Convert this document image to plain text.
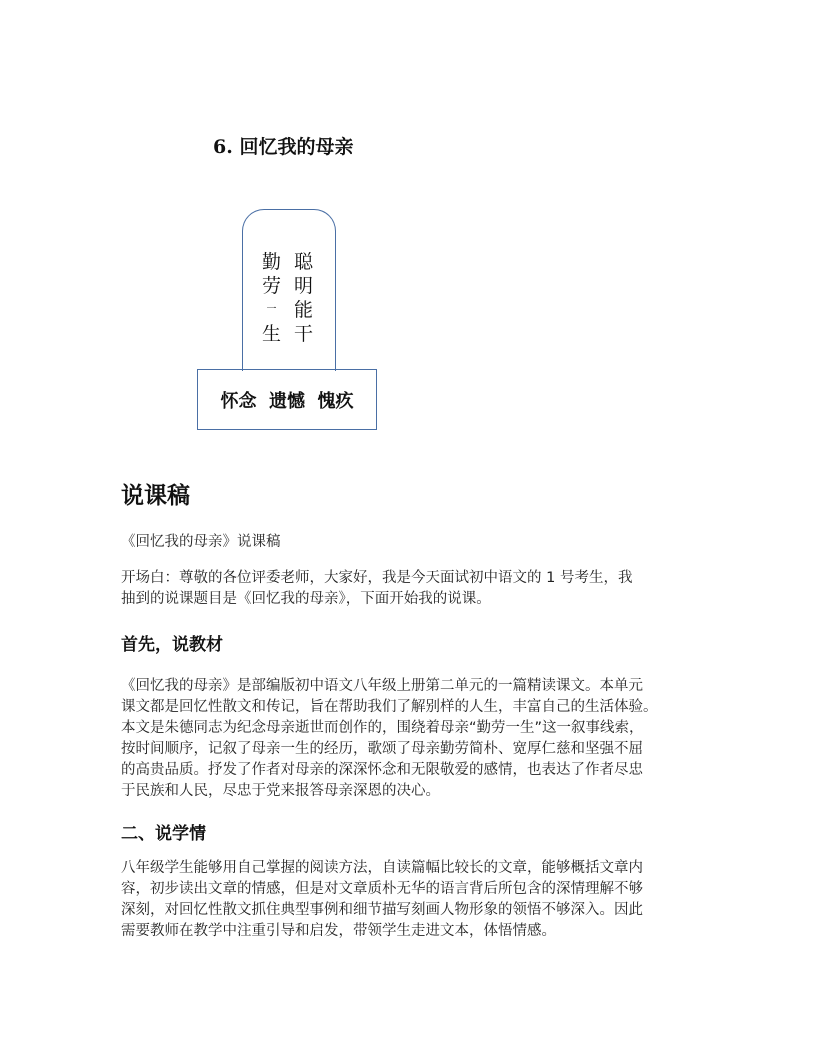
6. 回忆我的母亲
勤
劳
一
生
聪
明
能
干
怀念  遗憾  愧疚
说课稿
《回忆我的母亲》说课稿
开场白：尊敬的各位评委老师，大家好，我是今天面试初中语文的 1 号考生，我
抽到的说课题目是《回忆我的母亲》，下面开始我的说课。
首先，说教材
《回忆我的母亲》是部编版初中语文八年级上册第二单元的一篇精读课文。本单元
课文都是回忆性散文和传记，旨在帮助我们了解别样的人生，丰富自己的生活体验。
本文是朱德同志为纪念母亲逝世而创作的，围绕着母亲“勤劳一生”这一叙事线索，
按时间顺序，记叙了母亲一生的经历，歌颂了母亲勤劳简朴、宽厚仁慈和坚强不屈
的高贵品质。抒发了作者对母亲的深深怀念和无限敬爱的感情，也表达了作者尽忠
于民族和人民，尽忠于党来报答母亲深恩的决心。
二、说学情
八年级学生能够用自己掌握的阅读方法，自读篇幅比较长的文章，能够概括文章内
容，初步读出文章的情感，但是对文章质朴无华的语言背后所包含的深情理解不够
深刻，对回忆性散文抓住典型事例和细节描写刻画人物形象的领悟不够深入。因此
需要教师在教学中注重引导和启发，带领学生走进文本，体悟情感。
